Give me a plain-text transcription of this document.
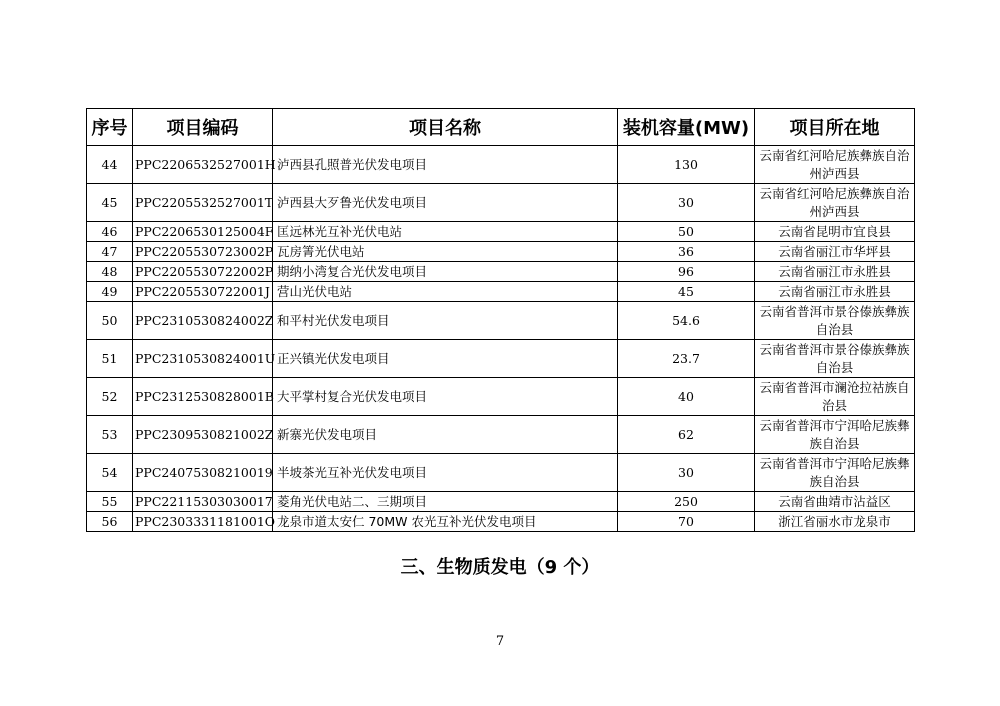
序号	项目编码	项目名称	装机容量(MW)	项目所在地
44	PPC2206532527001H	泸西县孔照普光伏发电项目	130	云南省红河哈尼族彝族自治州泸西县
45	PPC2205532527001T	泸西县大歹鲁光伏发电项目	30	云南省红河哈尼族彝族自治州泸西县
46	PPC2206530125004F	匡远林光互补光伏电站	50	云南省昆明市宜良县
47	PPC2205530723002P	瓦房箐光伏电站	36	云南省丽江市华坪县
48	PPC2205530722002P	期纳小湾复合光伏发电项目	96	云南省丽江市永胜县
49	PPC2205530722001J	营山光伏电站	45	云南省丽江市永胜县
50	PPC2310530824002Z	和平村光伏发电项目	54.6	云南省普洱市景谷傣族彝族自治县
51	PPC2310530824001U	正兴镇光伏发电项目	23.7	云南省普洱市景谷傣族彝族自治县
52	PPC2312530828001B	大平掌村复合光伏发电项目	40	云南省普洱市澜沧拉祜族自治县
53	PPC2309530821002Z	新寨光伏发电项目	62	云南省普洱市宁洱哈尼族彝族自治县
54	PPC24075308210019	半坡茶光互补光伏发电项目	30	云南省普洱市宁洱哈尼族彝族自治县
55	PPC22115303030017	菱角光伏电站二、三期项目	250	云南省曲靖市沾益区
56	PPC2303331181001O	龙泉市道太安仁 70MW 农光互补光伏发电项目	70	浙江省丽水市龙泉市
三、生物质发电（9 个）
7
